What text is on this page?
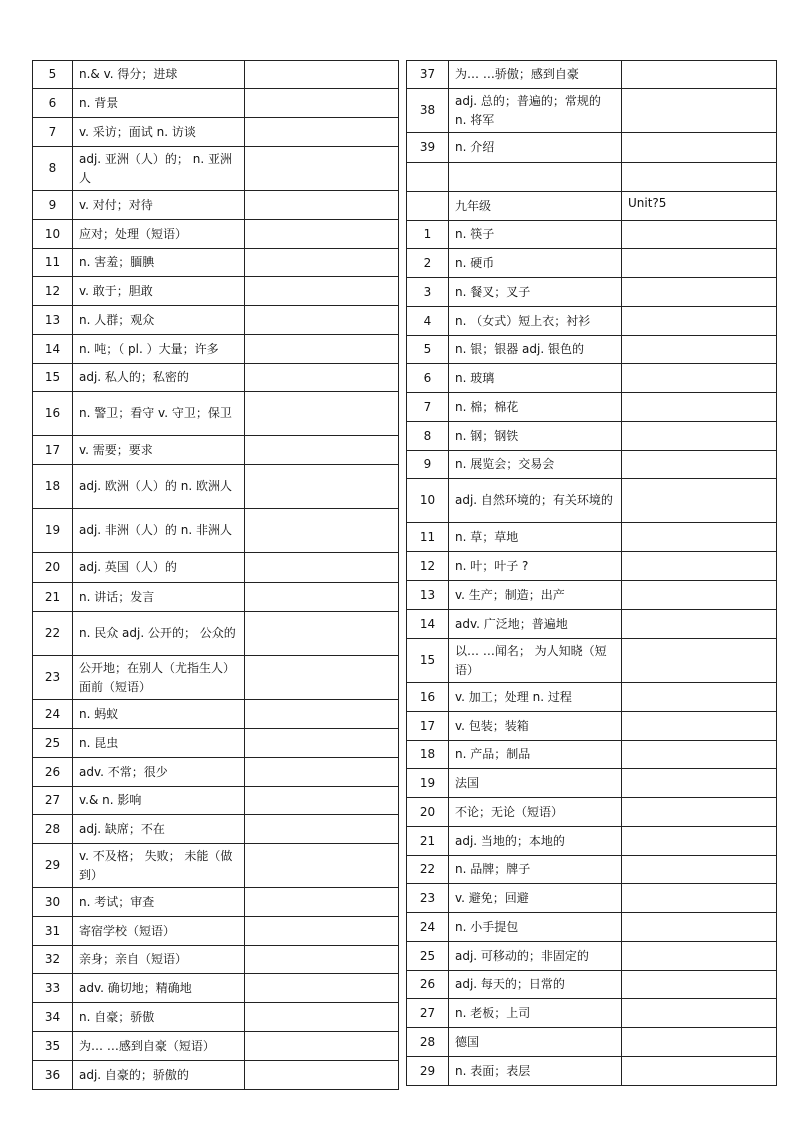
5	n.& v. 得分；进球	
6	n. 背景	
7	v. 采访；面试 n. 访谈	
8	adj. 亚洲（人）的； n. 亚洲人	
9	v. 对付；对待	
10	应对；处理（短语）	
11	n. 害羞；腼腆	
12	v. 敢于；胆敢	
13	n. 人群；观众	
14	n. 吨；（ pl. ）大量；许多	
15	adj. 私人的；私密的	
16	n. 警卫；看守 v. 守卫；保卫	
17	v. 需要；要求	
18	adj. 欧洲（人）的 n. 欧洲人	
19	adj. 非洲（人）的 n. 非洲人	
20	adj. 英国（人）的	
21	n. 讲话；发言	
22	n. 民众 adj. 公开的； 公众的	
23	公开地；在别人（尤指生人）面前（短语）	
24	n. 蚂蚁	
25	n. 昆虫	
26	adv. 不常；很少	
27	v.& n. 影响	
28	adj. 缺席；不在	
29	v. 不及格； 失败； 未能（做到）	
30	n. 考试；审查	
31	寄宿学校（短语）	
32	亲身；亲自（短语）	
33	adv. 确切地；精确地	
34	n. 自豪；骄傲	
35	为… …感到自豪（短语）	
36	adj. 自豪的；骄傲的	
37	为… …骄傲；感到自豪	
38	adj. 总的；普遍的；常规的 n. 将军	
39	n. 介绍	

	九年级	Unit?5
1	n. 筷子	
2	n. 硬币	
3	n. 餐叉；叉子	
4	n. （女式）短上衣；衬衫	
5	n. 银；银器 adj. 银色的	
6	n. 玻璃	
7	n. 棉；棉花	
8	n. 钢；钢铁	
9	n. 展览会；交易会	
10	adj. 自然环境的；有关环境的	
11	n. 草；草地	
12	n. 叶；叶子 ?	
13	v. 生产；制造；出产	
14	adv. 广泛地；普遍地	
15	以… …闻名； 为人知晓（短语）	
16	v. 加工；处理 n. 过程	
17	v. 包装；装箱	
18	n. 产品；制品	
19	法国	
20	不论；无论（短语）	
21	adj. 当地的；本地的	
22	n. 品牌；牌子	
23	v. 避免；回避	
24	n. 小手提包	
25	adj. 可移动的；非固定的	
26	adj. 每天的；日常的	
27	n. 老板；上司	
28	德国	
29	n. 表面；表层	
